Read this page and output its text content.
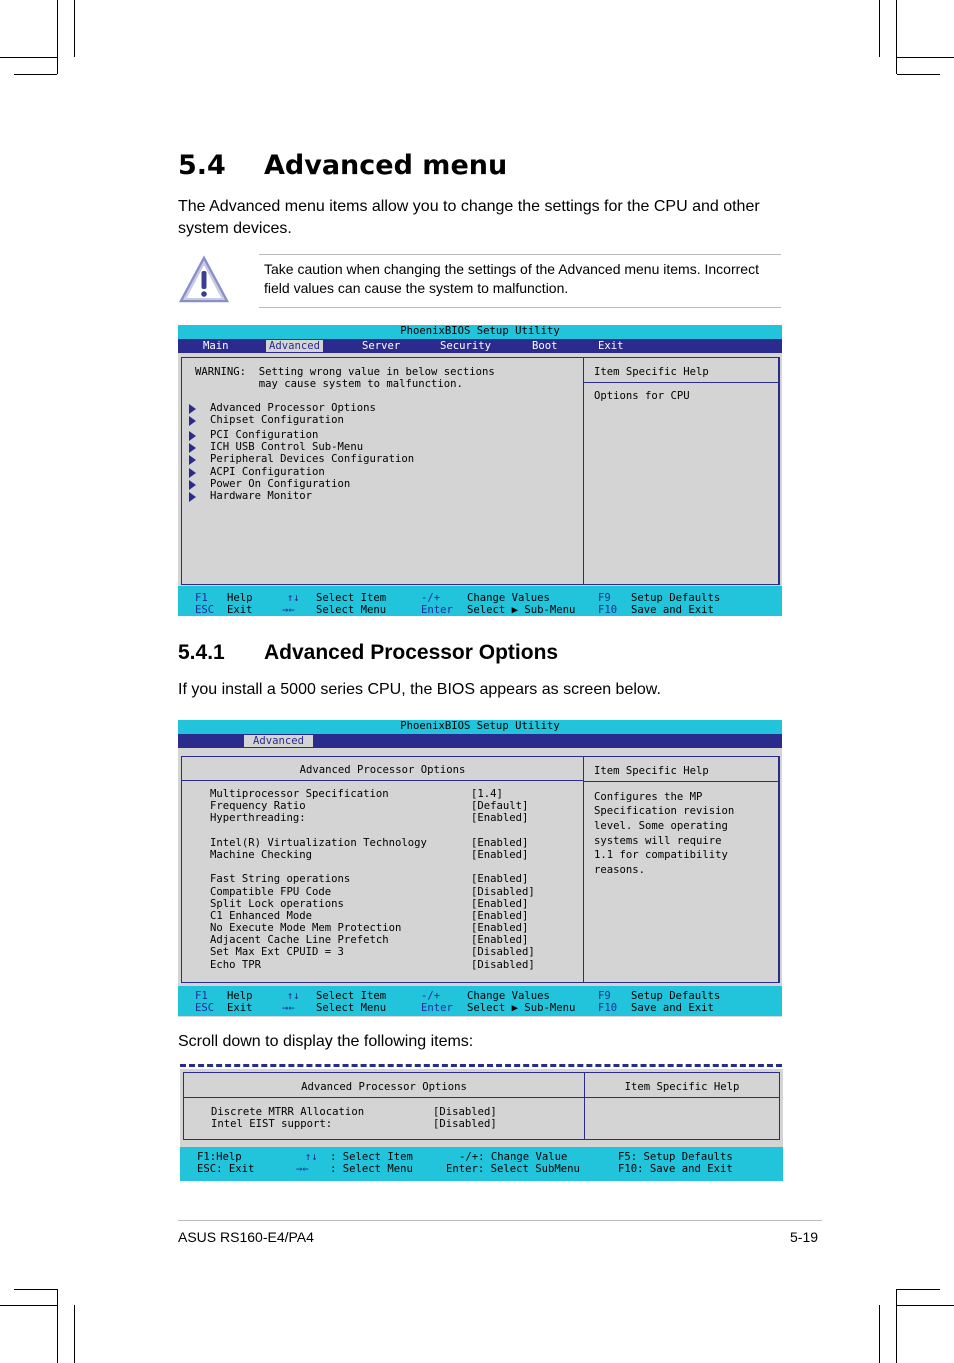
5.4 Advanced menu
The Advanced menu items allow you to change the settings for the CPU and other system devices.
Take caution when changing the settings of the Advanced menu items. Incorrect field values can cause the system to malfunction.
PhoenixBIOS Setup Utility

Main

	Advanced

	Server

	Security

	Boot

	Exit

Item Specific Help
Options for CPU
WARNING:  Setting wrong value in below sections
may cause system to malfunction.
Advanced Processor Options
Chipset Configuration
PCI Configuration
ICH USB Control Sub-Menu
Peripheral Devices Configuration
ACPI Configuration
Power On Configuration
Hardware Monitor
F1 Help
ESC Exit
↑↓ Select Item
→← Select Menu
-/+	Change Values
Enter Select ▶ Sub-Menu
F9 Setup Defaults
F10 Save and Exit
5.4.1 Advanced Processor Options
If you install a 5000 series CPU, the BIOS appears as screen below.
PhoenixBIOS Setup Utility

Advanced

Advanced Processor Options	Item Specific Help
Configures the MP
Specification revision
level. Some operating
systems will require
1.1 for compatibility
reasons.
Multiprocessor Specification	[1.4]
Frequency Ratio	[Default]
Hyperthreading:	[Enabled]
Intel(R) Virtualization Technology	[Enabled]
Machine Checking	[Enabled]
Fast String operations	[Enabled]
Compatible FPU Code	[Disabled]
Split Lock operations	[Enabled]
C1 Enhanced Mode	[Enabled]
No Execute Mode Mem Protection	[Enabled]
Adjacent Cache Line Prefetch	[Enabled]
Set Max Ext CPUID = 3	[Disabled]
Echo TPR	[Disabled]
F1 Help
ESC Exit
↑↓ Select Item
→← Select Menu
-/+	Change Values
Enter Select ▶ Sub-Menu
F9 Setup Defaults
F10 Save and Exit
Scroll down to display the following items:
Advanced Processor Options	Item Specific Help
Discrete MTRR Allocation	[Disabled]
Intel EIST support:	[Disabled]
F1:Help	↑↓ : Select Item	-/+: Change Value	F5: Setup Defaults
ESC: Exit	→← : Select Menu	Enter: Select SubMenu	F10: Save and Exit
ASUS RS160-E4/PA4	5-19
